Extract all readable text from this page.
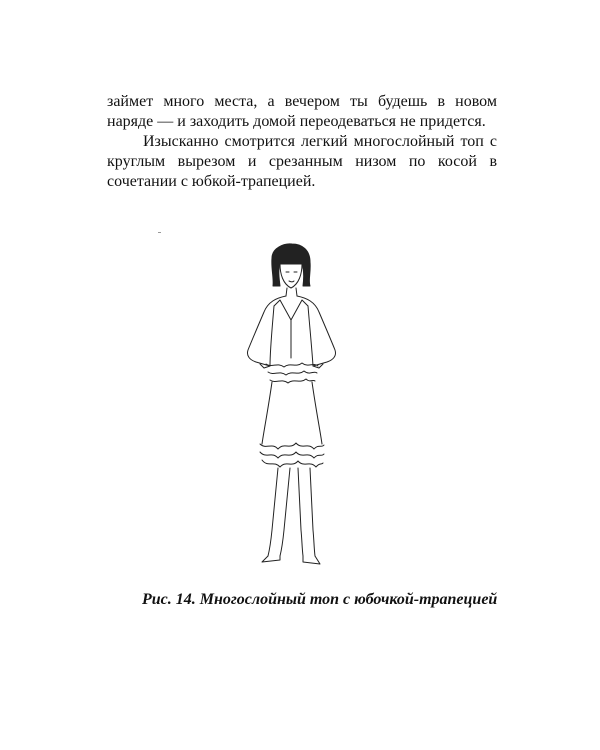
займет много места, а вечером ты будешь в новом наряде — и заходить домой переодеваться не придется.

Изысканно смотрится легкий многослойный топ с круглым вырезом и срезанным низом по косой в сочетании с юбкой-трапецией.

Рис. 14. Многослойный топ с юбочкой-трапецией
